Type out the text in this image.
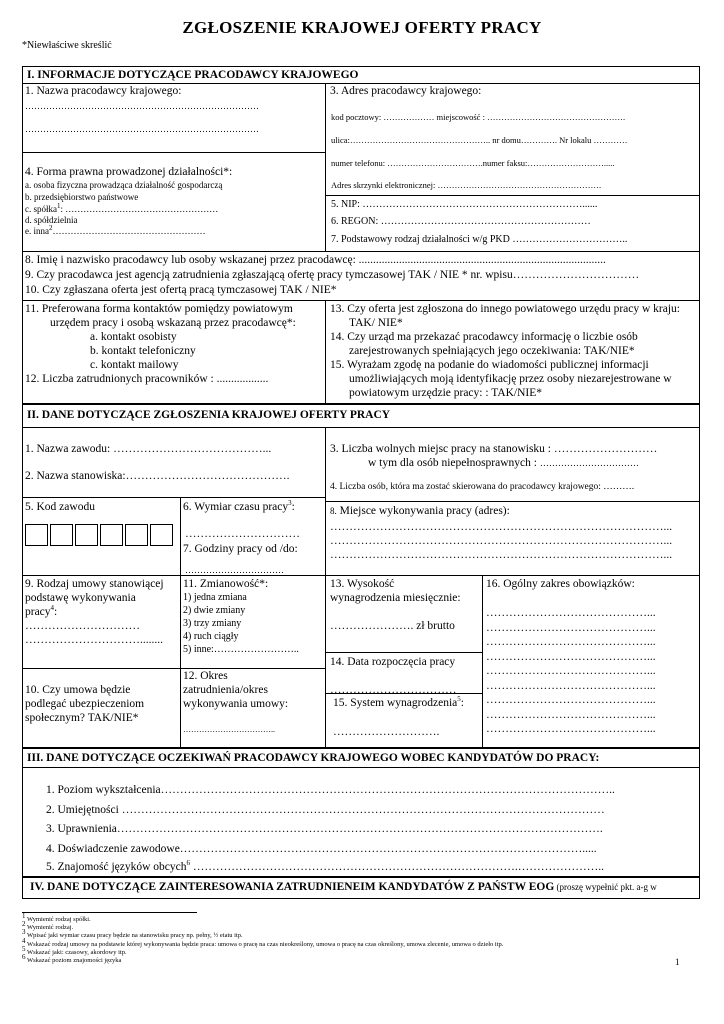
ZGŁOSZENIE KRAJOWEJ OFERTY PRACY
*Niewłaściwe skreślić
I. INFORMACJE DOTYCZĄCE PRACODAWCY KRAJOWEGO
1. Nazwa pracodawcy krajowego:
……………………………………………………………………
……………………………………………………………………
3. Adres pracodawcy krajowego:
kod pocztowy: ……………… miejscowość : ………………………………………….
ulica:………………………………………….. nr domu…………. Nr lokalu …………
numer telefonu: …………………………….numer faksu:……………………….....
Adres skrzynki elektronicznej: ………………………………………………….
4. Forma prawna prowadzonej działalności*:
a. osoba fizyczna prowadząca działalność gospodarczą
b. przedsiębiorstwo państwowe
c. spółka$^1$: ……………………………………………
d. spółdzielnia
e. inna$^2$……………………………………………
5. NIP: …………………………………………………………......
6. REGON: ………………………………………………………
7. Podstawowy rodzaj działalności w/g PKD ……………………………..
8. Imię i nazwisko pracodawcy lub osoby wskazanej przez pracodawcę: ......................................................................................
9. Czy pracodawca jest agencją zatrudnienia zgłaszającą ofertę pracy tymczasowej TAK / NIE * nr. wpisu……………………………
10. Czy zgłaszana oferta jest ofertą pracą tymczasowej TAK / NIE*
11. Preferowana forma kontaktów pomiędzy powiatowym
urzędem pracy i osobą wskazaną przez pracodawcę*:
a. kontakt osobisty
b. kontakt telefoniczny
c. kontakt mailowy
12. Liczba zatrudnionych pracowników : ..................
13. Czy oferta jest zgłoszona do innego powiatowego urzędu pracy w kraju:
TAK/ NIE*
14. Czy urząd ma przekazać pracodawcy informację o liczbie osób
zarejestrowanych spełniających jego oczekiwania: TAK/NIE*
15. Wyrażam zgodę na podanie do wiadomości publicznej informacji
umożliwiających moją identyfikację przez osoby niezarejestrowane w
powiatowym urzędzie pracy: : TAK/NIE*
II. DANE DOTYCZĄCE ZGŁOSZENIA KRAJOWEJ OFERTY PRACY
1. Nazwa zawodu: …………………………………...
2. Nazwa stanowiska:…………………………………….
3. Liczba wolnych miejsc pracy na stanowisku : ………………………
w tym dla osób niepełnosprawnych : ……………………………
4. Liczba osób, która ma zostać skierowana do pracodawcy krajowego: ……….
5. Kod zawodu	6. Wymiar czasu pracy$^3$:
…………………………
7. Godziny pracy od /do:
……………………………
8. Miejsce wykonywania pracy (adres):
……………………………………………………………………………...
……………………………………………………………………………...
……………………………………………………………………………...
9. Rodzaj umowy stanowiącej
podstawę wykonywania
pracy$^4$:
…………………………
…………………………........
11. Zmianowość*:
1) jedna zmiana
2) dwie zmiany
3) trzy zmiany
4) ruch ciągły
5) inne:……………………..
13. Wysokość
wynagrodzenia miesięcznie:
…………………. zł brutto
14. Data rozpoczęcia pracy
……………………………
15. System wynagrodzenia$^5$:
……………………….
16. Ogólny zakres obowiązków:
……………………………………...
……………………………………...
……………………………………...
……………………………………...
……………………………………...
……………………………………...
……………………………………...
……………………………………...
……………………………………...
10. Czy umowa będzie
podlegać ubezpieczeniom
społecznym? TAK/NIE*
12. Okres
zatrudnienia/okres
wykonywania umowy:
……………………………..
III. DANE DOTYCZĄCE OCZEKIWAŃ PRACODAWCY KRAJOWEGO WOBEC KANDYDATÓW DO PRACY:
1. Poziom wykształcenia………………………………………………………………………………………………………..
2. Umiejętności ………………………………………………………………………………………………………………
3. Uprawnienia……………………………………………………………………………………………………………….
4. Doświadczenie zawodowe…………………………………………………………………………………………….....
5. Znajomość języków obcych$^6$ ………………………………………………………………………….…………………..
IV. DANE DOTYCZĄCE ZAINTERESOWANIA ZATRUDNIENEIM KANDYDATÓW Z PAŃSTW EOG (proszę wypełnić pkt. a-g w
$^1$ Wymienić rodzaj spółki.
$^2$ Wymienić rodzaj.
$^3$ Wpisać jaki wymiar czasu pracy będzie na stanowisku pracy np. pełny, ½ etatu itp.
$^4$ Wskazać rodzaj umowy na podstawie której wykonywania będzie praca: umowa o pracę na czas nieokreślony, umowa o pracę na czas określony, umowa zlecenie, umowa o dzieło itp.
$^5$ Wskazać jaki: czasowy, akordowy itp.
$^6$ Wskazać poziom znajomości języka	1
